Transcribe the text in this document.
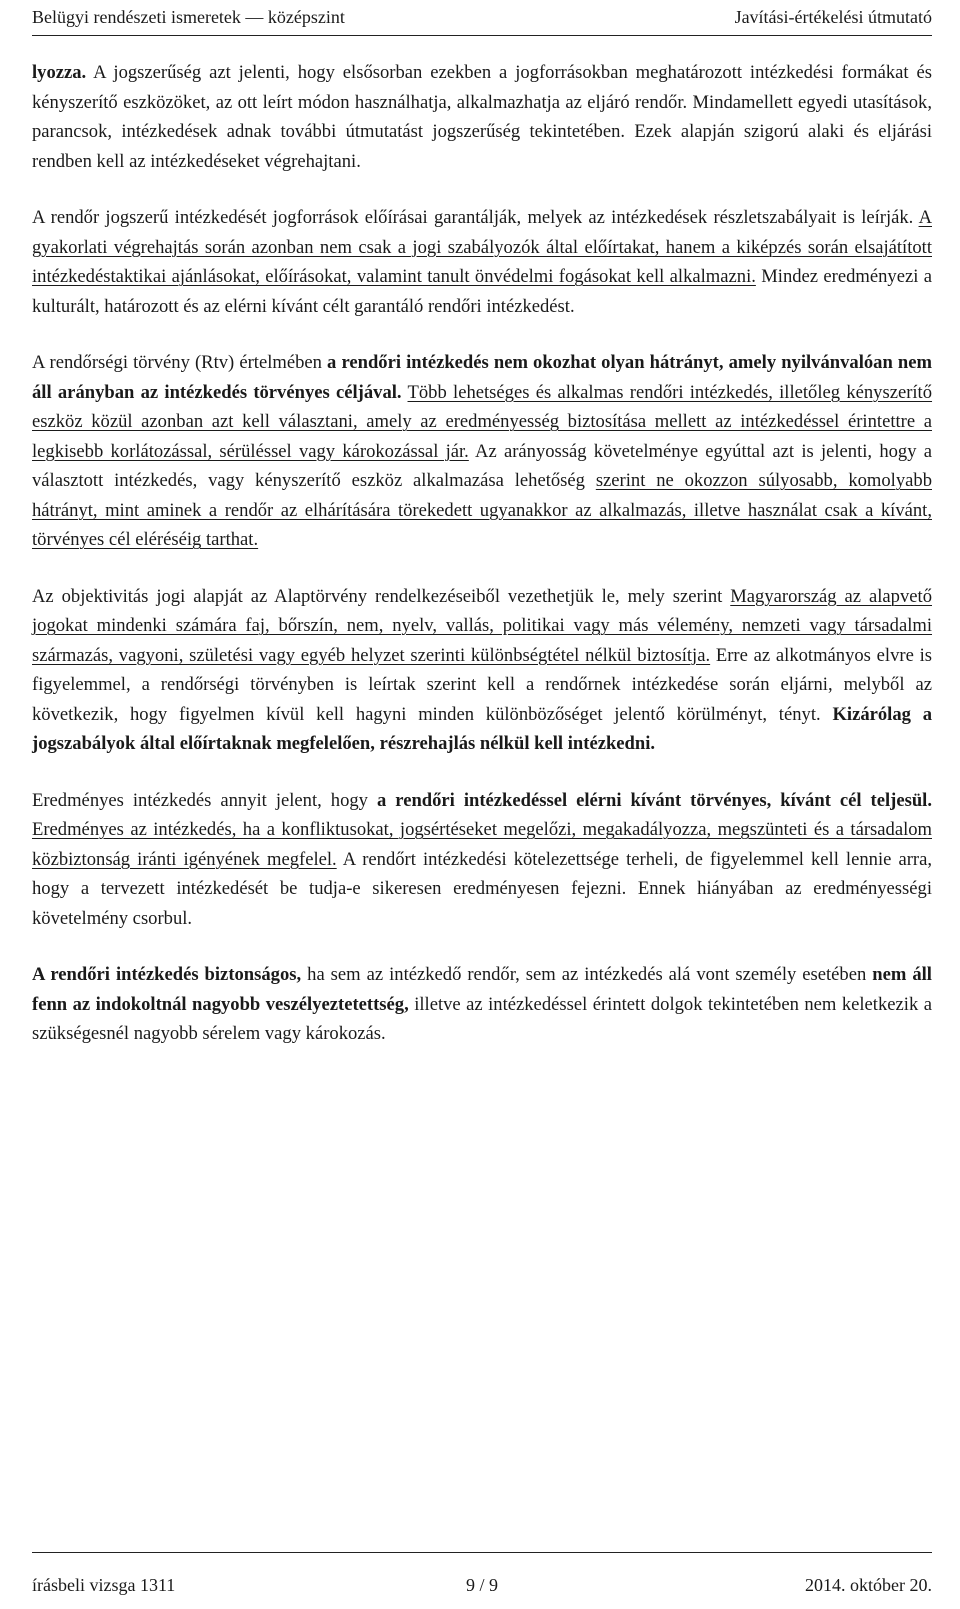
Belügyi rendészeti ismeretek — középszint	Javítási-értékelési útmutató

lyozza. A jogszerűség azt jelenti, hogy elsősorban ezekben a jogforrásokban meghatározott intézkedési formákat és kényszerítő eszközöket, az ott leírt módon használhatja, alkalmazhatja az eljáró rendőr. Mindamellett egyedi utasítások, parancsok, intézkedések adnak további útmutatást jogszerűség tekintetében. Ezek alapján szigorú alaki és eljárási rendben kell az intézkedéseket végrehajtani.

A rendőr jogszerű intézkedését jogforrások előírásai garantálják, melyek az intézkedések részletszabályait is leírják. A gyakorlati végrehajtás során azonban nem csak a jogi szabályozók által előírtakat, hanem a kiképzés során elsajátított intézkedéstaktikai ajánlásokat, előírásokat, valamint tanult önvédelmi fogásokat kell alkalmazni. Mindez eredményezi a kulturált, határozott és az elérni kívánt célt garantáló rendőri intézkedést.

A rendőrségi törvény (Rtv) értelmében a rendőri intézkedés nem okozhat olyan hátrányt, amely nyilvánvalóan nem áll arányban az intézkedés törvényes céljával. Több lehetséges és alkalmas rendőri intézkedés, illetőleg kényszerítő eszköz közül azonban azt kell választani, amely az eredményesség biztosítása mellett az intézkedéssel érintettre a legkisebb korlátozással, sérüléssel vagy károkozással jár. Az arányosság követelménye egyúttal azt is jelenti, hogy a választott intézkedés, vagy kényszerítő eszköz alkalmazása lehetőség szerint ne okozzon súlyosabb, komolyabb hátrányt, mint aminek a rendőr az elhárítására törekedett ugyanakkor az alkalmazás, illetve használat csak a kívánt, törvényes cél eléréséig tarthat.

Az objektivitás jogi alapját az Alaptörvény rendelkezéseiből vezethetjük le, mely szerint Magyarország az alapvető jogokat mindenki számára faj, bőrszín, nem, nyelv, vallás, politikai vagy más vélemény, nemzeti vagy társadalmi származás, vagyoni, születési vagy egyéb helyzet szerinti különbségtétel nélkül biztosítja. Erre az alkotmányos elvre is figyelemmel, a rendőrségi törvényben is leírtak szerint kell a rendőrnek intézkedése során eljárni, melyből az következik, hogy figyelmen kívül kell hagyni minden különbözőséget jelentő körülményt, tényt. Kizárólag a jogszabályok által előírtaknak megfelelően, részrehajlás nélkül kell intézkedni.

Eredményes intézkedés annyit jelent, hogy a rendőri intézkedéssel elérni kívánt törvényes, kívánt cél teljesül. Eredményes az intézkedés, ha a konfliktusokat, jogsértéseket megelőzi, megakadályozza, megszünteti és a társadalom közbiztonság iránti igényének megfelel. A rendőrt intézkedési kötelezettsége terheli, de figyelemmel kell lennie arra, hogy a tervezett intézkedését be tudja-e sikeresen eredményesen fejezni. Ennek hiányában az eredményességi követelmény csorbul.

A rendőri intézkedés biztonságos, ha sem az intézkedő rendőr, sem az intézkedés alá vont személy esetében nem áll fenn az indokoltnál nagyobb veszélyeztetettség, illetve az intézkedéssel érintett dolgok tekintetében nem keletkezik a szükségesnél nagyobb sérelem vagy károkozás.

9 / 9
írásbeli vizsga 1311	2014. október 20.
